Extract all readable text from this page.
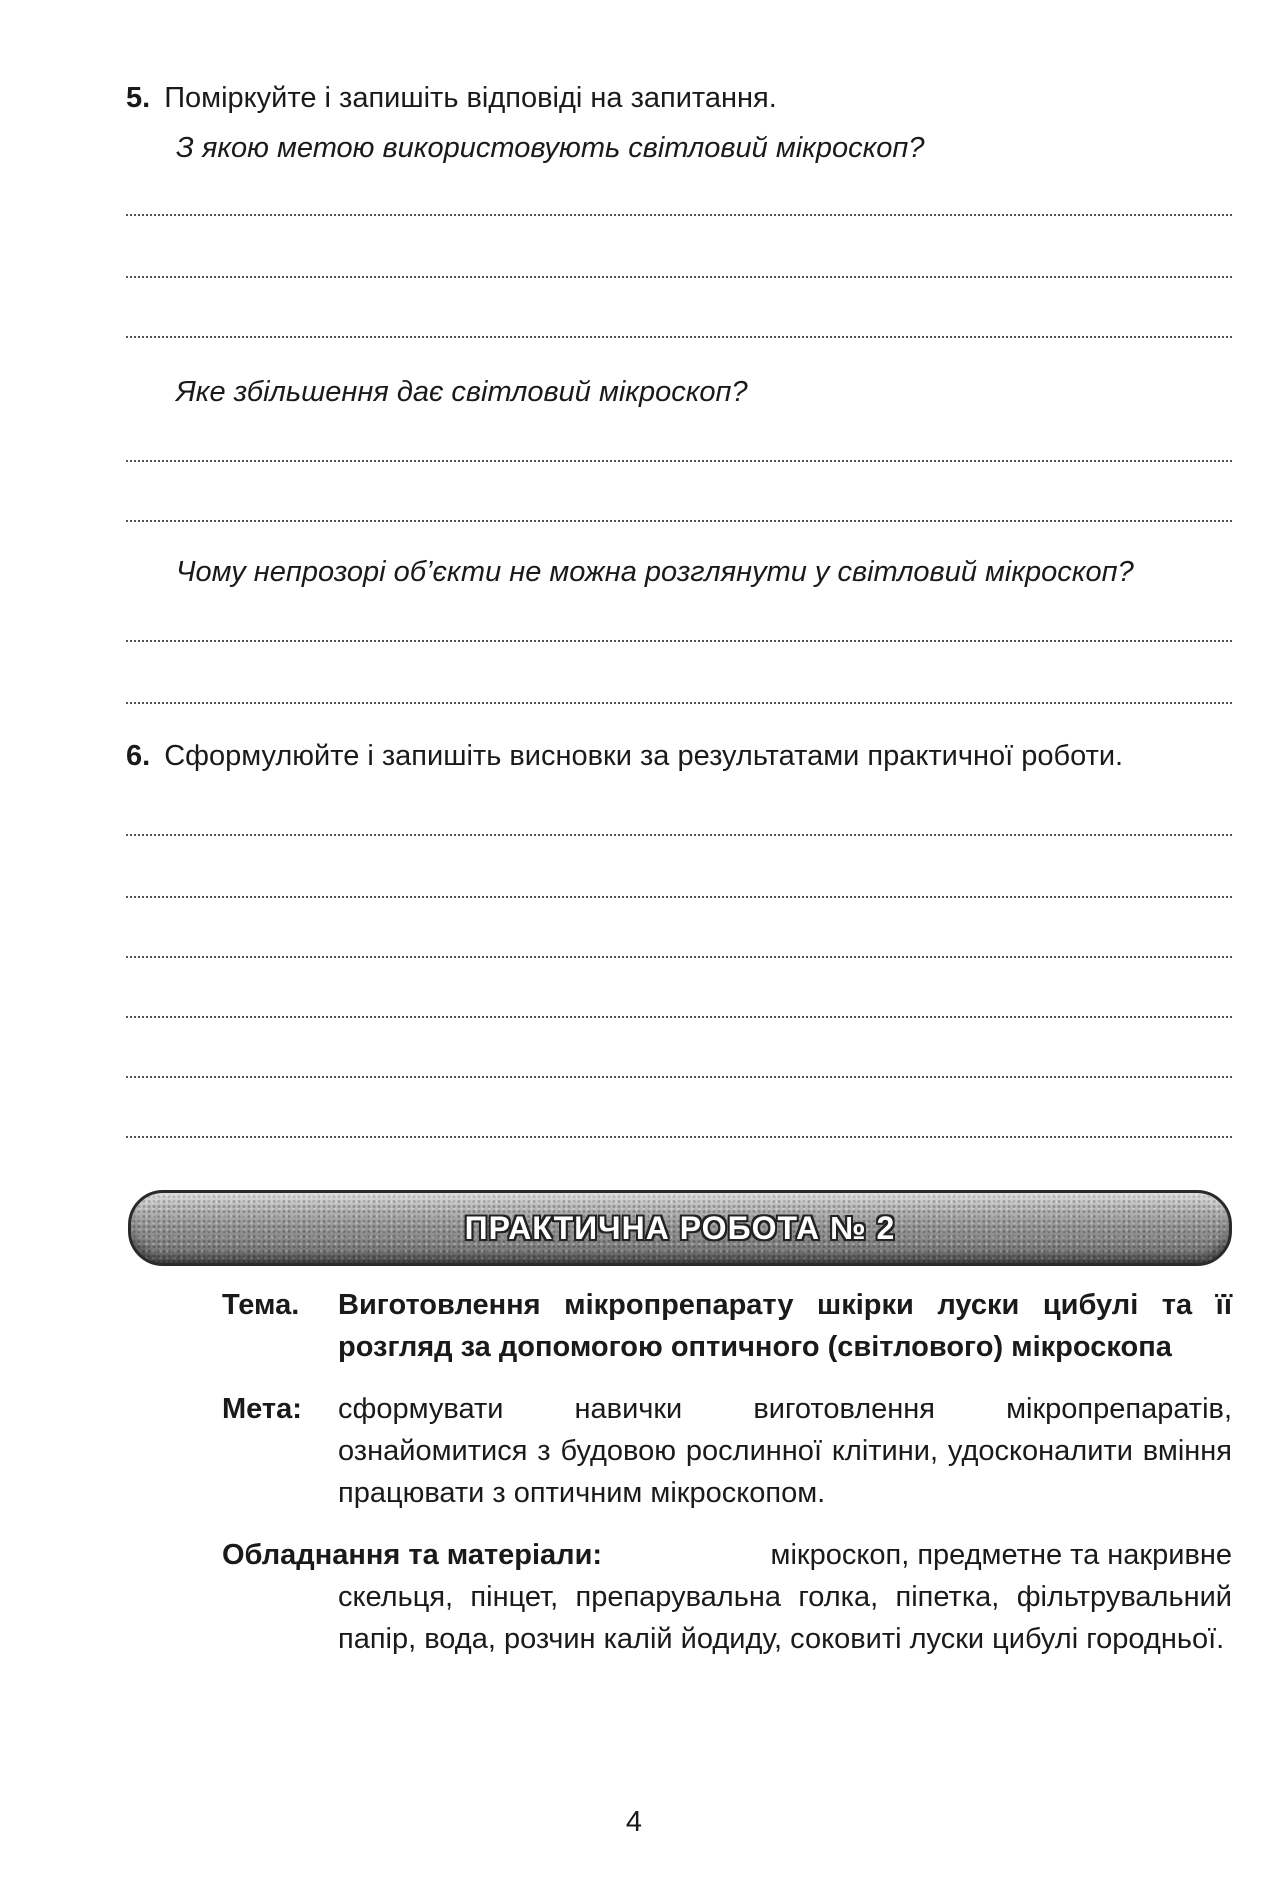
5. Поміркуйте і запишіть відповіді на запитання.
З якою метою використовують світловий мікроскоп?
Яке збільшення дає світловий мікроскоп?
Чому непрозорі об’єкти не можна розглянути у світловий мікроскоп?
6. Сформулюйте і запишіть висновки за результатами практичної роботи.
ПРАКТИЧНА РОБОТА № 2
Тема. Виготовлення мікропрепарату шкірки луски цибулі та її розгляд за допомогою оптичного (світлового) мікроскопа
Мета: сформувати навички виготовлення мікропрепаратів, ознайомитися з будовою рослинної клітини, удосконалити вміння працювати з оптичним мікроскопом.
Обладнання та матеріали:	мікроскоп, предметне та накривне
скельця, пінцет, препарувальна голка, піпетка, фільтрувальний папір, вода, розчин калій йодиду, соковиті луски цибулі городньої.
4
